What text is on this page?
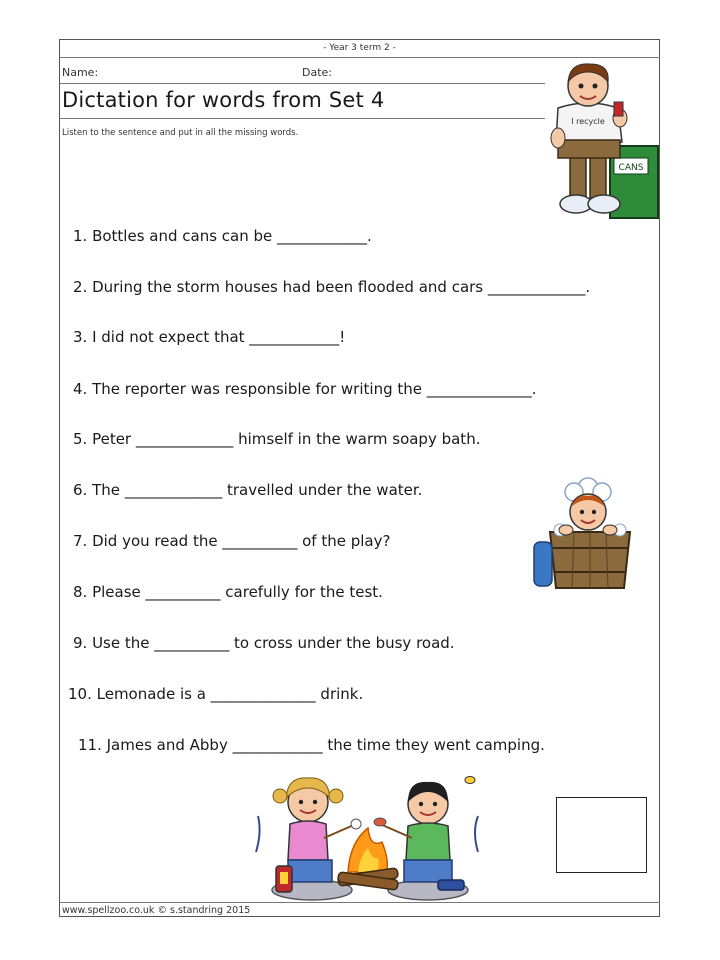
- Year 3 term 2 -
Name:	Date:
Dictation for words from Set 4
Listen to the sentence and put in all the missing words.
1. Bottles and cans can be ____________.
2. During the storm houses had been flooded and cars _____________.
3. I did not expect that ____________!
4. The reporter was responsible for writing the ______________.
5. Peter _____________ himself in the warm soapy bath.
6. The _____________ travelled under the water.
7. Did you read the __________ of the play?
8. Please __________ carefully for the test.
9. Use the __________ to cross under the busy road.
10. Lemonade is a ______________ drink.
11. James and Abby ____________ the time they went camping.
CANS
I recycle
www.spellzoo.co.uk © s.standring 2015
